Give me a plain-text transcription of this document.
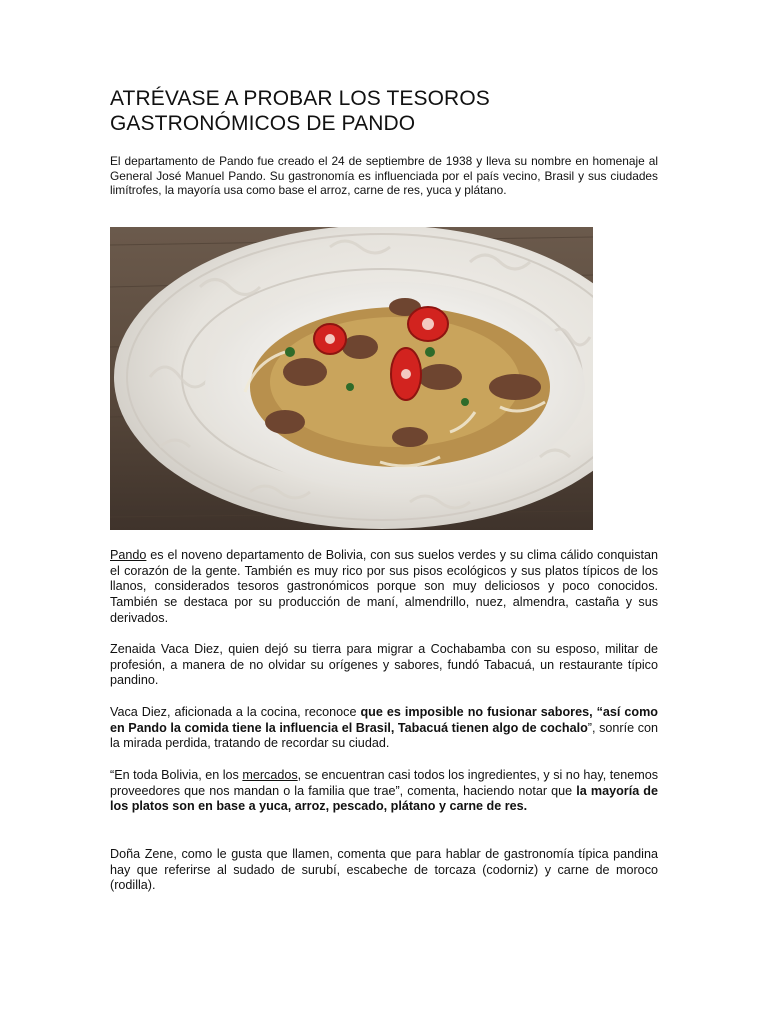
ATRÉVASE A PROBAR LOS TESOROS
GASTRONÓMICOS DE PANDO

El departamento de Pando fue creado el 24 de septiembre de 1938 y lleva su nombre en homenaje al General José Manuel Pando. Su gastronomía es influenciada por el país vecino, Brasil y sus ciudades limítrofes, la mayoría usa como base el arroz, carne de res, yuca y plátano.

Pando es el noveno departamento de Bolivia, con sus suelos verdes y su clima cálido conquistan el corazón de la gente. También es muy rico por sus pisos ecológicos y sus platos típicos de los llanos, considerados tesoros gastronómicos porque son muy deliciosos y poco conocidos. También se destaca por su producción de maní, almendrillo, nuez, almendra, castaña y sus derivados.

Zenaida Vaca Diez, quien dejó su tierra para migrar a Cochabamba con su esposo, militar de profesión, a manera de no olvidar su orígenes y sabores, fundó Tabacuá, un restaurante típico pandino.

Vaca Diez, aficionada a la cocina, reconoce que es imposible no fusionar sabores, “así como en Pando la comida tiene la influencia el Brasil, Tabacuá tienen algo de cochalo”, sonríe con la mirada perdida, tratando de recordar su ciudad.

“En toda Bolivia, en los mercados, se encuentran casi todos los ingredientes, y si no hay, tenemos proveedores que nos mandan o la familia que trae”, comenta, haciendo notar que la mayoría de los platos son en base a yuca, arroz, pescado, plátano y carne de res.

Doña Zene, como le gusta que llamen, comenta que para hablar de gastronomía típica pandina hay que referirse al sudado de surubí, escabeche de torcaza (codorniz) y carne de moroco (rodilla).
